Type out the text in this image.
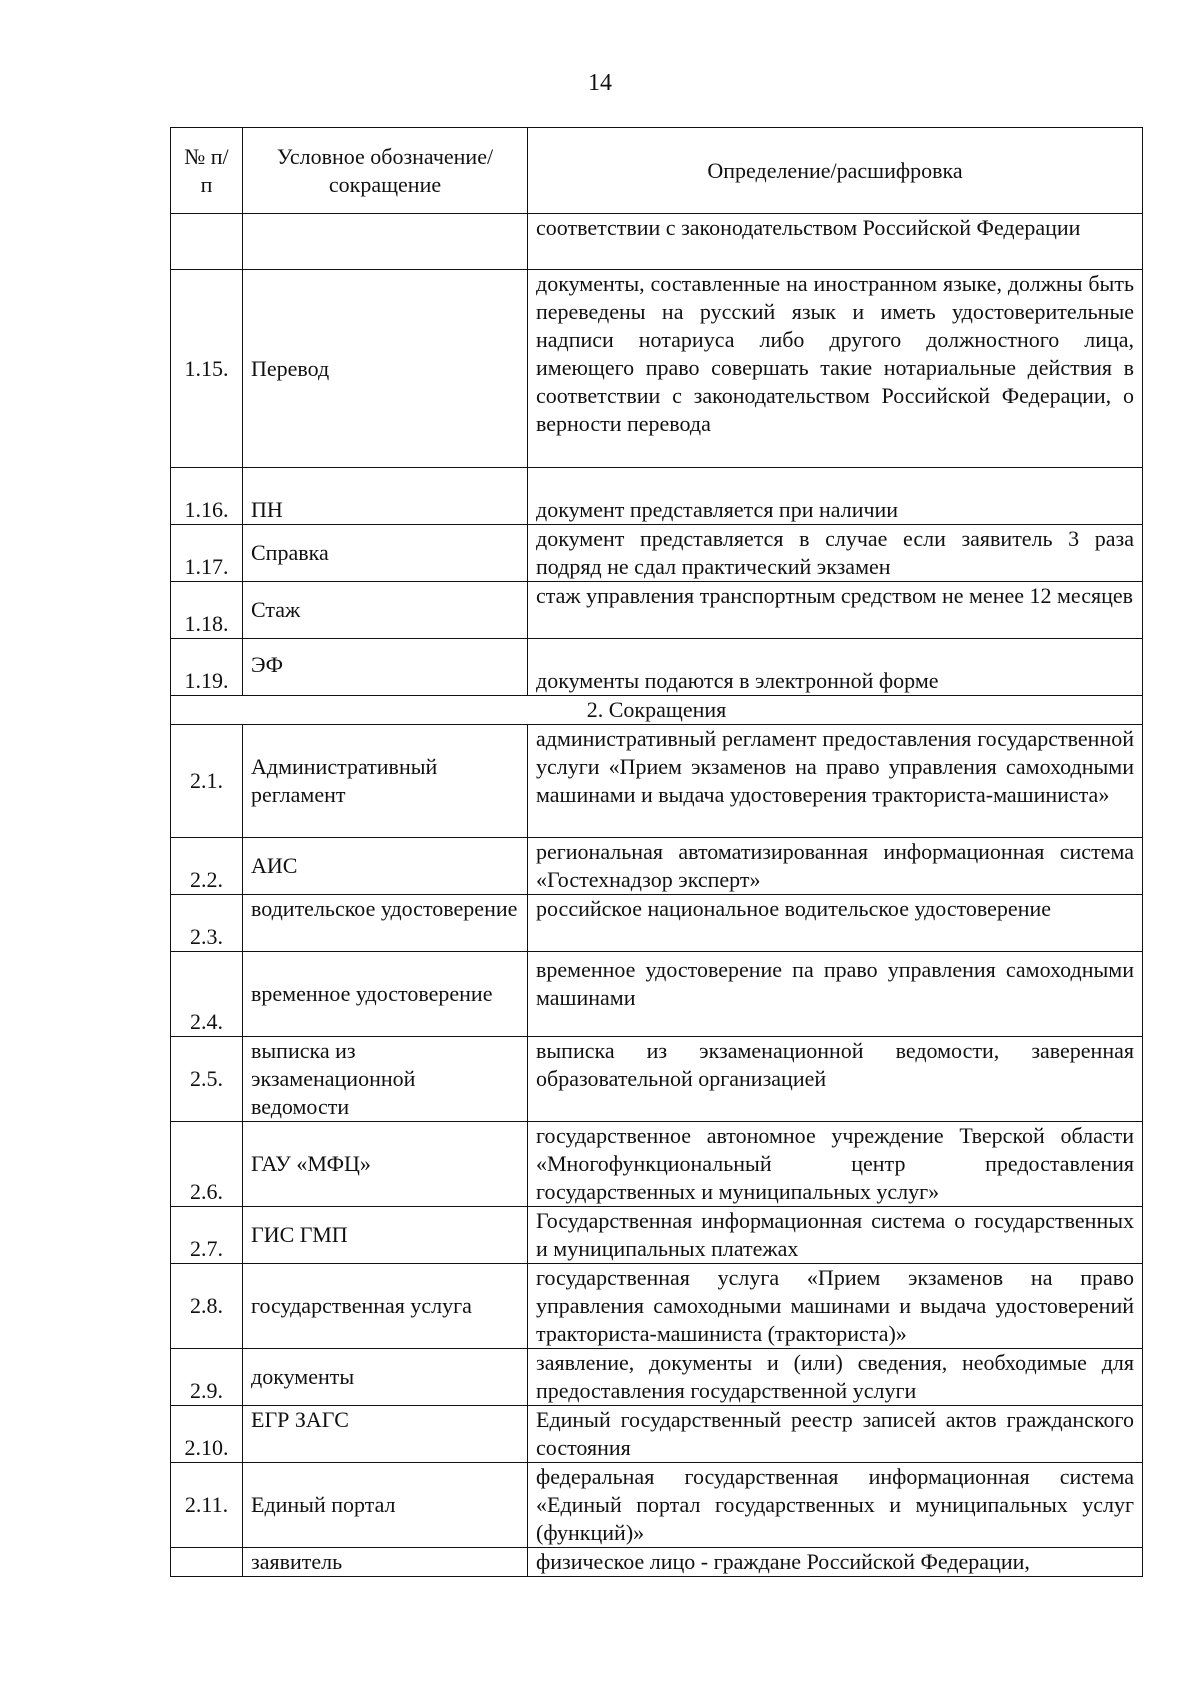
14
№ п/п	Условное обозначение/сокращение	Определение/расшифровка
		соответствии с законодательством Российской Федерации
1.15.	Перевод	документы, составленные на иностранном языке, должны быть переведены на русский язык и иметь удостоверительные надписи нотариуса либо другого должностного лица, имеющего право совершать такие нотариальные действия в соответствии с законодательством Российской Федерации, о верности перевода
1.16.	ПН	документ представляется при наличии
1.17.	Справка	документ представляется в случае если заявитель 3 раза подряд не сдал практический экзамен
1.18.	Стаж	стаж управления транспортным средством не менее 12 месяцев
1.19.	ЭФ	документы подаются в электронной форме
2. Сокращения		
2.1.	Административный регламент	административный регламент предоставления государственной услуги «Прием экзаменов на право управления самоходными машинами и выдача удостоверения тракториста-машиниста»
2.2.	АИС	региональная автоматизированная информационная система «Гостехнадзор эксперт»
2.3.	водительское удостоверение	российское национальное водительское удостоверение
2.4.	временное удостоверение	временное удостоверение па право управления самоходными машинами
2.5.	выписка из экзаменационной ведомости	выписка из экзаменационной ведомости, заверенная образовательной организацией
2.6.	ГАУ «МФЦ»	государственное автономное учреждение Тверской области «Многофункциональный центр предоставления государственных и муниципальных услуг»
2.7.	ГИС ГМП	Государственная информационная система о государственных и муниципальных платежах
2.8.	государственная услуга	государственная услуга «Прием экзаменов на право управления самоходными машинами и выдача удостоверений тракториста-машиниста (тракториста)»
2.9.	документы	заявление, документы и (или) сведения, необходимые для предоставления государственной услуги
2.10.	ЕГР ЗАГС	Единый государственный реестр записей актов гражданского состояния
2.11.	Единый портал	федеральная государственная информационная система «Единый портал государственных и муниципальных услуг (функций)»
	заявитель	физическое лицо - граждане Российской Федерации,
